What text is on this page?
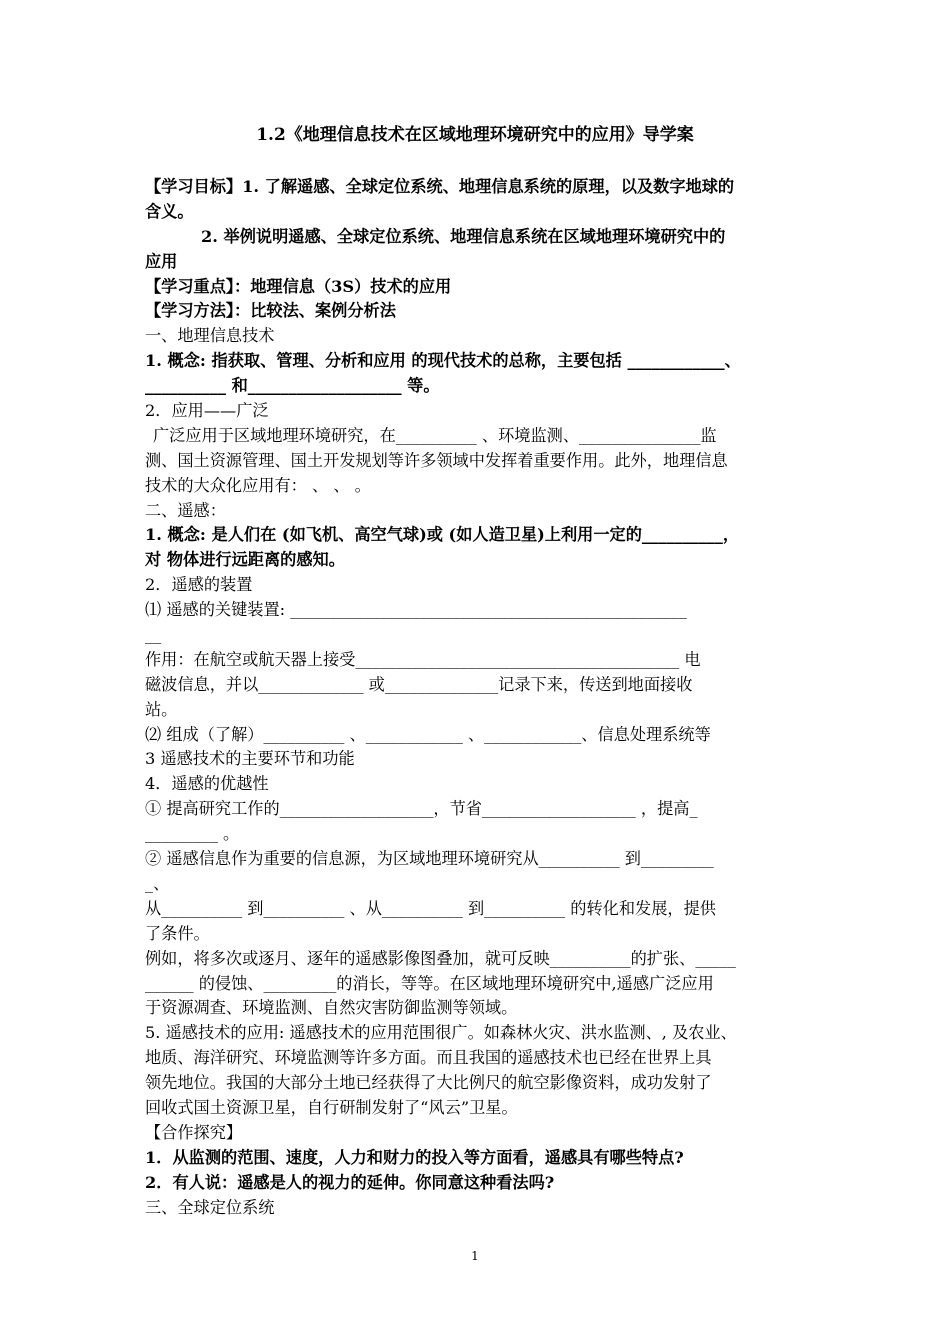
1.2《地理信息技术在区域地理环境研究中的应用》导学案
【学习目标】1. 了解遥感、全球定位系统、地理信息系统的原理，以及数字地球的
含义。
2. 举例说明遥感、全球定位系统、地理信息系统在区域地理环境研究中的
应用
【学习重点】：地理信息（3S）技术的应用
【学习方法】：比较法、案例分析法
一、地理信息技术
1. 概念: 指获取、管理、分析和应用 的现代技术的总称，主要包括 ____________、
__________ 和___________________ 等。
2．应用——广泛
广泛应用于区域地理环境研究，在__________ 、环境监测、_______________监
测、国土资源管理、国土开发规划等许多领域中发挥着重要作用。此外，地理信息
技术的大众化应用有： 、 、 。
二、遥感：
1. 概念: 是人们在 (如飞机、高空气球)或 (如人造卫星)上利用一定的__________，
对 物体进行远距离的感知。
2．遥感的装置
⑴ 遥感的关键装置: _________________________________________________
__
作用：在航空或航天器上接受________________________________________ 电
磁波信息，并以_____________ 或______________记录下来，传送到地面接收
站。
⑵ 组成（了解）__________ 、____________ 、____________、信息处理系统等
3 遥感技术的主要环节和功能
4．遥感的优越性
① 提高研究工作的___________________，节省___________________ ，提高_
_________ 。
② 遥感信息作为重要的信息源，为区域地理环境研究从__________ 到_________
_、
从__________ 到__________ 、从__________ 到__________ 的转化和发展，提供
了条件。
例如，将多次或逐月、逐年的遥感影像图叠加，就可反映__________的扩张、_____
______ 的侵蚀、_________的消长，等等。在区域地理环境研究中,遥感广泛应用
于资源凋查、环境监测、自然灾害防御监测等领域。
5. 遥感技术的应用: 遥感技术的应用范围很广。如森林火灾、洪水监测、, 及农业、
地质、海洋研究、环境监测等许多方面。而且我国的遥感技术也已经在世界上具
领先地位。我国的大部分土地已经获得了大比例尺的航空影像资料，成功发射了
回收式国土资源卫星，自行研制发射了“风云”卫星。
【合作探究】
1．从监测的范围、速度，人力和财力的投入等方面看，遥感具有哪些特点?
2．有人说：遥感是人的视力的延伸。你同意这种看法吗?
三、全球定位系统
1
